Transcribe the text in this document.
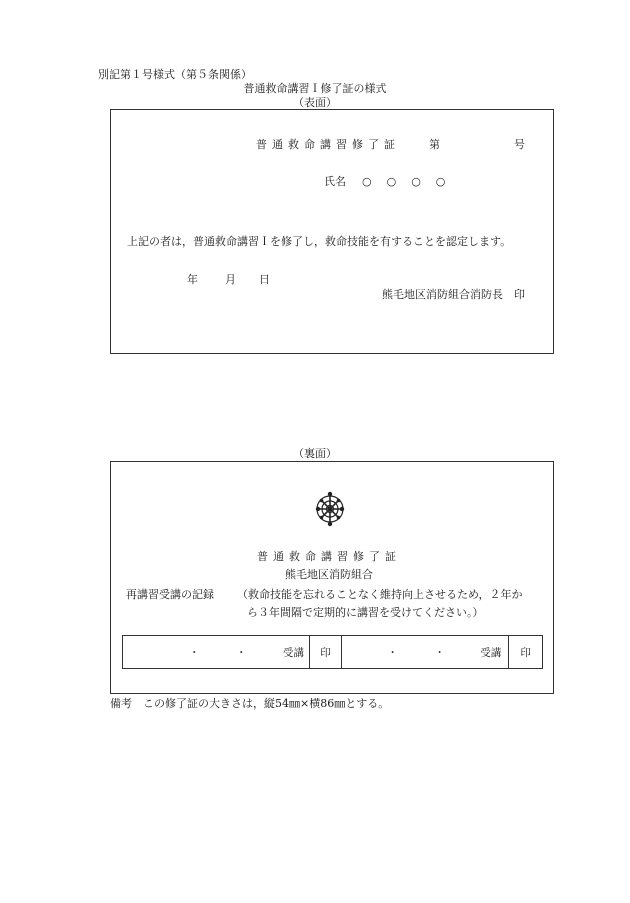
別記第１号様式（第５条関係）
普通救命講習Ｉ修了証の様式
（表面）
普通救命講習修了証	第	号
氏名 ○　○　○　○
上記の者は，普通救命講習Ｉを修了し，救命技能を有することを認定します。
年 月 日
熊毛地区消防組合消防長　印
（裏面）
普通救命講習修了証
熊毛地区消防組合
再講習受講の記録 （救命技能を忘れることなく維持向上させるため，２年か
ら３年間隔で定期的に講習を受けてください。）
・	・	受講	印	・	・	受講	印
備考　この修了証の大きさは，縦54㎜×横86㎜とする。
